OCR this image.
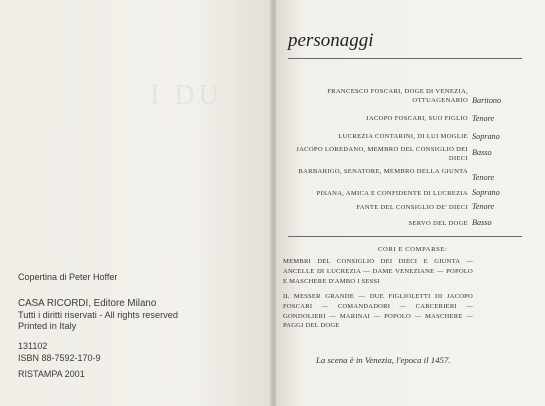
I DU
Copertina di Peter Hoffer
CASA RICORDI, Editore Milano
Tutti i diritti riservati - All rights reserved
Printed in Italy
131102
ISBN 88-7592-170-9
RISTAMPA 2001
personaggi
FRANCESCO FOSCARI, DOGE DI VENEZIA, OTTUAGENARIO Baritono
JACOPO FOSCARI, SUO FIGLIO Tenore
LUCREZIA CONTARINI, DI LUI MOGLIE Soprano
JACOPO LOREDANO, MEMBRO DEL CONSIGLIO DEI DIECI
Basso
BARBARIGO, SENATORE, MEMBRO DELLA GIUNTA
Tenore
PISANA, AMICA E CONFIDENTE DI LUCREZIA Soprano
FANTE DEL CONSIGLIO DE' DIECI Tenore
SERVO DEL DOGE Basso
CORI E COMPARSE:
MEMBRI DEL CONSIGLIO DEI DIECI E GIUNTA — ANCELLE DI LUCREZIA — DAME VENEZIANE — POPOLO E MASCHERE D'AMBO I SESSI
IL MESSER GRANDE — DUE FIGLIOLETTI DI JACOPO FOSCARI — COMANDADORI — CARCERIERI — GONDOLIERI — MARINAI — POPOLO — MASCHERE — PAGGI DEL DOGE
La scena è in Venezia, l'epoca il 1457.
